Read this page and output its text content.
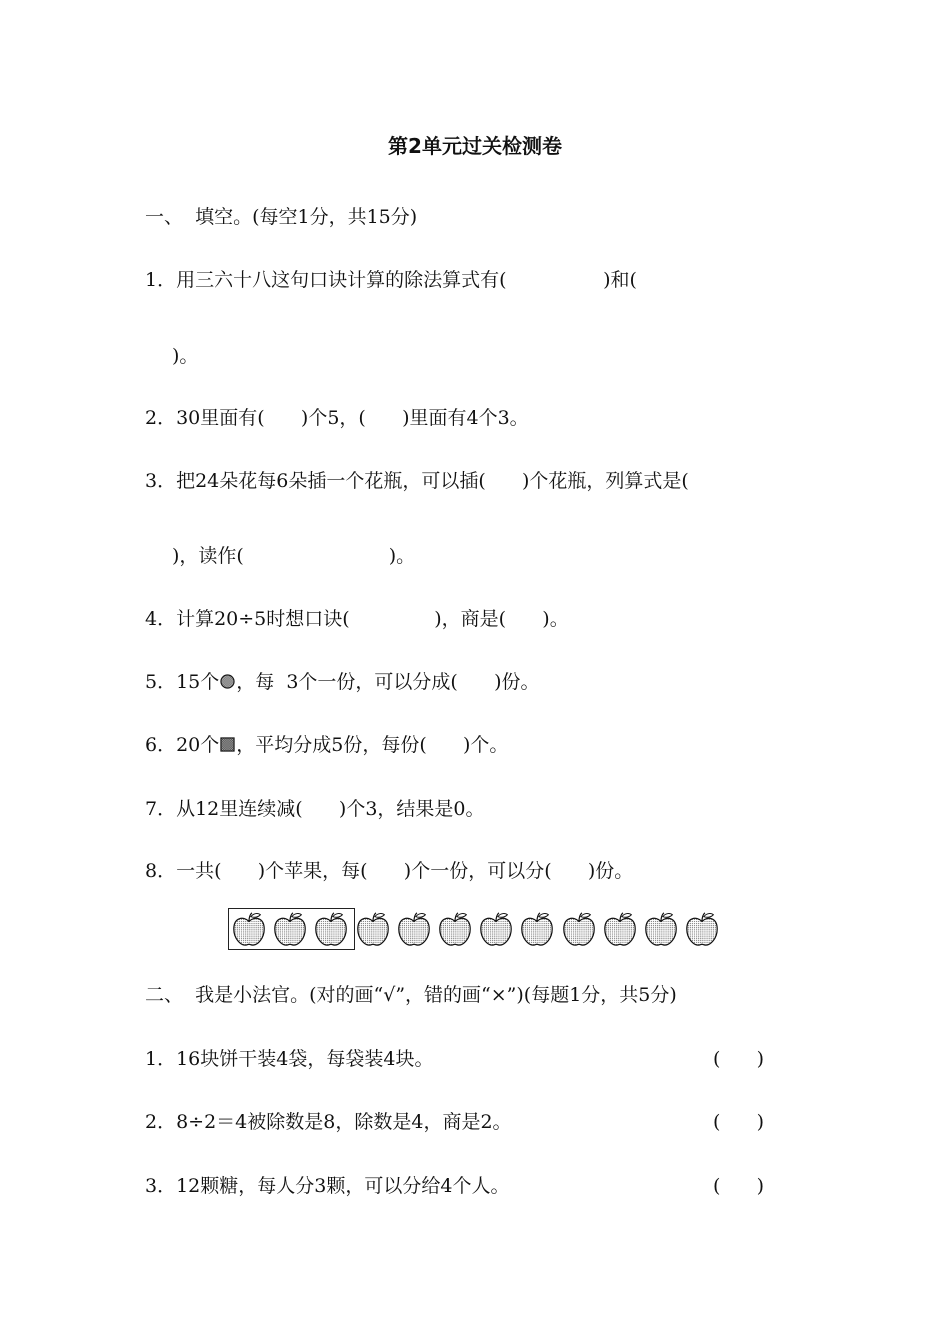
第2单元过关检测卷
一、  填空。(每空1分，共15分)
1．用三六十八这句口诀计算的除法算式有(                )和(
)。
2．30里面有(      )个5，(      )里面有4个3。
3．把24朵花每6朵插一个花瓶，可以插(      )个花瓶，列算式是(
)，读作(                        )。
4．计算20÷5时想口诀(              )，商是(      )。
5．15个 ，每  3个一份，可以分成(      )份。
6．20个 ，平均分成5份，每份(      )个。
7．从12里连续减(      )个3，结果是0。
8．一共(      )个苹果，每(      )个一份，可以分(      )份。
二、  我是小法官。(对的画“√”，错的画“×”)(每题1分，共5分)
1．16块饼干装4袋，每袋装4块。	(      )
2．8÷2＝4被除数是8，除数是4，商是2。	(      )
3．12颗糖，每人分3颗，可以分给4个人。	(      )
